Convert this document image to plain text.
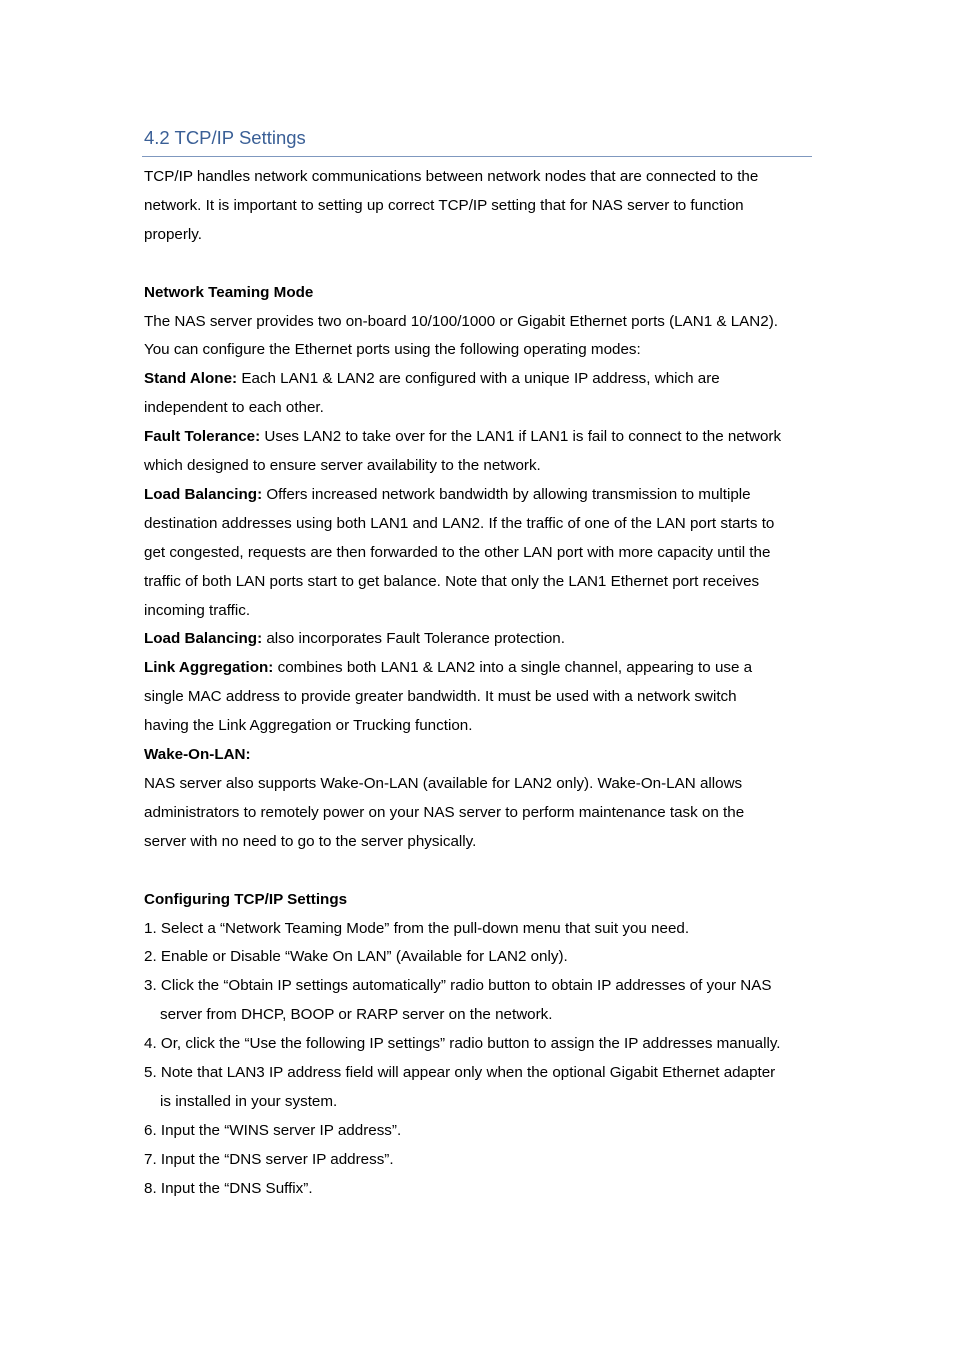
4.2 TCP/IP Settings

TCP/IP handles network communications between network nodes that are connected to the

network. It is important to setting up correct TCP/IP setting that for NAS server to function

properly.

Network Teaming Mode

The NAS server provides two on-board 10/100/1000 or Gigabit Ethernet ports (LAN1 & LAN2).

You can configure the Ethernet ports using the following operating modes:

Stand Alone: Each LAN1 & LAN2 are configured with a unique IP address, which are

independent to each other.

Fault Tolerance: Uses LAN2 to take over for the LAN1 if LAN1 is fail to connect to the network

which designed to ensure server availability to the network.

Load Balancing: Offers increased network bandwidth by allowing transmission to multiple

destination addresses using both LAN1 and LAN2. If the traffic of one of the LAN port starts to

get congested, requests are then forwarded to the other LAN port with more capacity until the

traffic of both LAN ports start to get balance. Note that only the LAN1 Ethernet port receives

incoming traffic.

Load Balancing: also incorporates Fault Tolerance protection.

Link Aggregation: combines both LAN1 & LAN2 into a single channel, appearing to use a

single MAC address to provide greater bandwidth. It must be used with a network switch

having the Link Aggregation or Trucking function.

Wake-On-LAN:

NAS server also supports Wake-On-LAN (available for LAN2 only). Wake-On-LAN allows

administrators to remotely power on your NAS server to perform maintenance task on the

server with no need to go to the server physically.

Configuring TCP/IP Settings

1. Select a “Network Teaming Mode” from the pull-down menu that suit you need.

2. Enable or Disable “Wake On LAN” (Available for LAN2 only).

3. Click the “Obtain IP settings automatically” radio button to obtain IP addresses of your NAS

server from DHCP, BOOP or RARP server on the network.

4. Or, click the “Use the following IP settings” radio button to assign the IP addresses manually.

5. Note that LAN3 IP address field will appear only when the optional Gigabit Ethernet adapter

is installed in your system.

6. Input the “WINS server IP address”.

7. Input the “DNS server IP address”.

8. Input the “DNS Suffix”.
